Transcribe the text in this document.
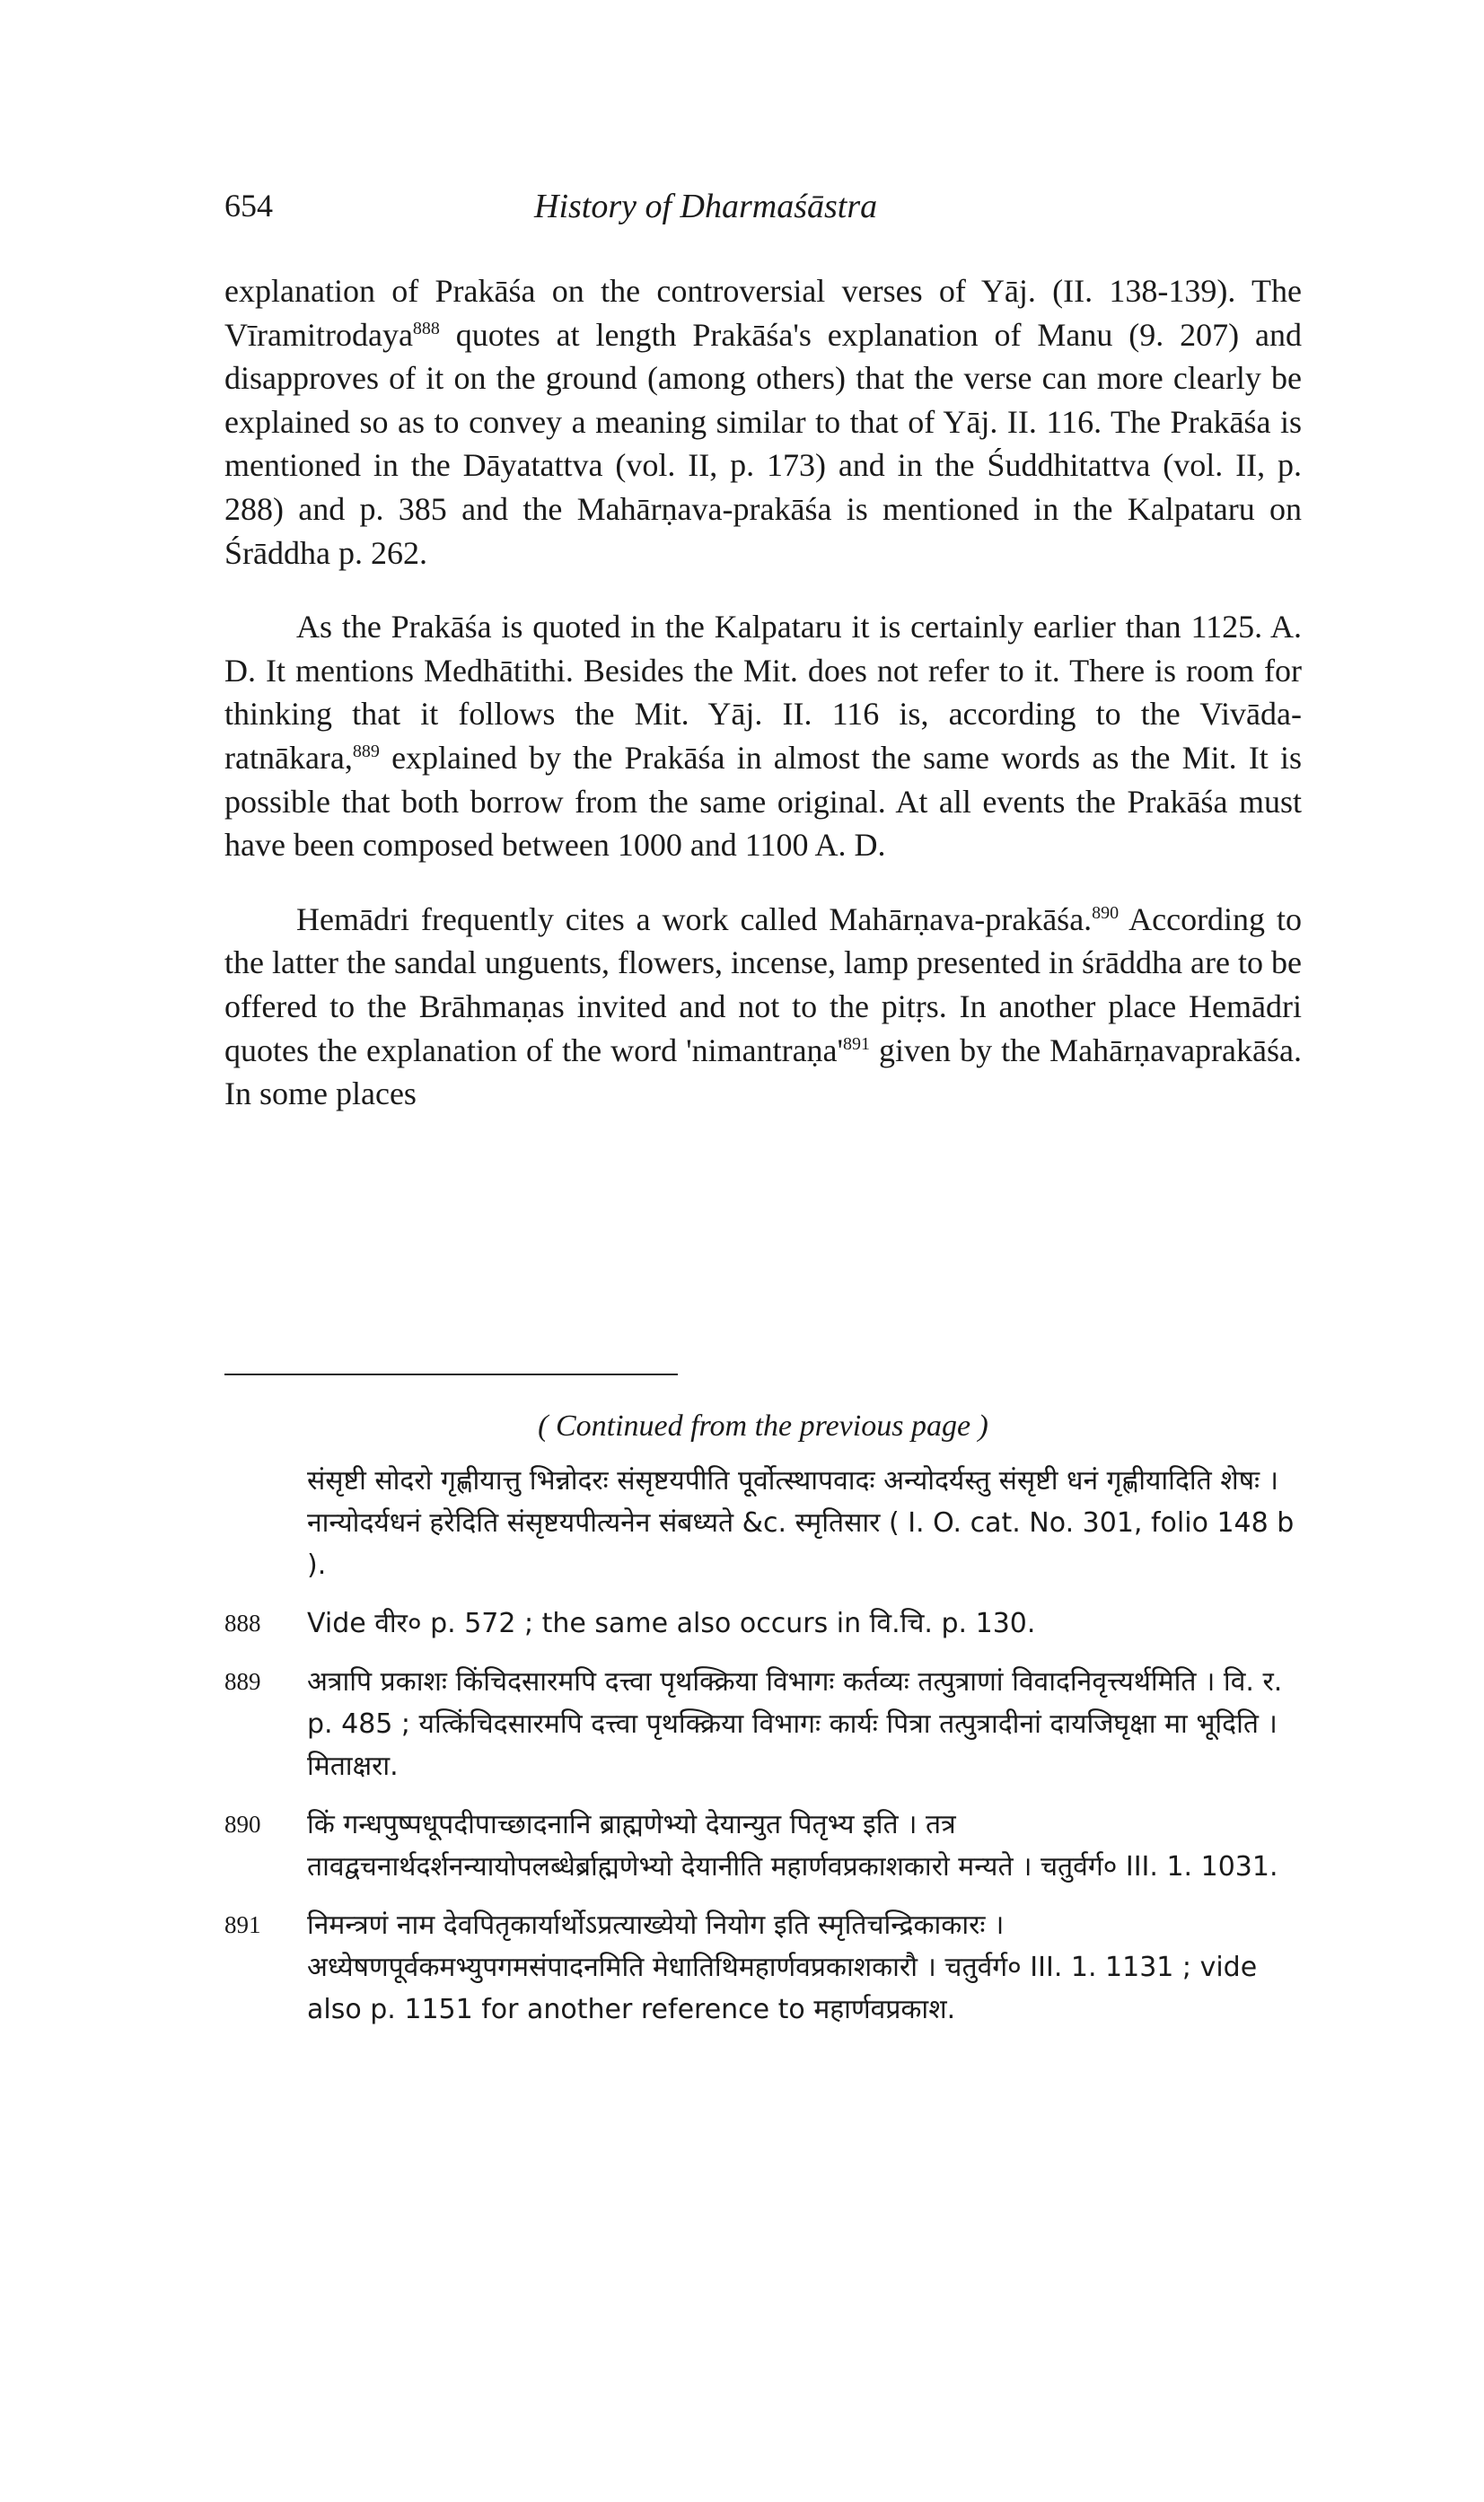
654	History of Dharmaśāstra

explanation of Prakāśa on the controversial verses of Yāj. (II. 138-139). The Vīramitrodaya$^{888}$ quotes at length Prakāśa's explanation of Manu (9. 207) and disapproves of it on the ground (among others) that the verse can more clearly be explained so as to convey a meaning similar to that of Yāj. II. 116. The Prakāśa is mentioned in the Dāyatattva (vol. II, p. 173) and in the Śuddhitattva (vol. II, p. 288) and p. 385 and the Mahārṇava-prakāśa is mentioned in the Kalpataru on Śrāddha p. 262.

As the Prakāśa is quoted in the Kalpataru it is certainly earlier than 1125. A. D. It mentions Medhātithi. Besides the Mit. does not refer to it. There is room for thinking that it follows the Mit. Yāj. II. 116 is, according to the Vivāda-ratnākara,$^{889}$ explained by the Prakāśa in almost the same words as the Mit. It is possible that both borrow from the same original. At all events the Prakāśa must have been composed between 1000 and 1100 A. D.

Hemādri frequently cites a work called Mahārṇava-prakāśa.$^{890}$ According to the latter the sandal unguents, flowers, incense, lamp presented in śrāddha are to be offered to the Brāhmaṇas invited and not to the pitṛs. In another place Hemādri quotes the explanation of the word '$nimantraṇa'^{891}$ given by the Mahārṇavaprakāśa. In some places

( Continued from the previous page )
संसृष्टी सोदरो गृह्णीयात्तु भिन्नोदरः संसृष्टयपीति पूर्वोत्स्थापवादः अन्योदर्यस्तु संसृष्टी धनं गृह्णीयादिति शेषः । नान्योदर्यधनं हरेदिति संसृष्टयपीत्यनेन संबध्यते &c. स्मृतिसार ( I. O. cat. No. 301, folio 148 b ).
888	Vide वीर० p. 572 ; the same also occurs in वि.चि. p. 130.
889	अत्रापि प्रकाशः किंचिदसारमपि दत्त्वा पृथक्क्रिया विभागः कर्तव्यः तत्पुत्राणां विवादनिवृत्त्यर्थमिति । वि. र. p. 485 ; यत्किंचिदसारमपि दत्त्वा पृथक्क्रिया विभागः कार्यः पित्रा तत्पुत्रादीनां दायजिघृक्षा मा भूदिति । मिताक्षरा.
890	किं गन्धपुष्पधूपदीपाच्छादनानि ब्राह्मणेभ्यो देयान्युत पितृभ्य इति । तत्र तावद्वचनार्थदर्शनन्यायोपलब्धेर्ब्राह्मणेभ्यो देयानीति महार्णवप्रकाशकारो मन्यते । चतुर्वर्ग० III. 1. 1031.
891	निमन्त्रणं नाम देवपितृकार्यार्थोऽप्रत्याख्येयो नियोग इति स्मृतिचन्द्रिकाकारः । अध्येषणपूर्वकमभ्युपगमसंपादनमिति मेधातिथिमहार्णवप्रकाशकारौ । चतुर्वर्ग० III. 1. 1131 ; vide also p. 1151 for another reference to महार्णवप्रकाश.
